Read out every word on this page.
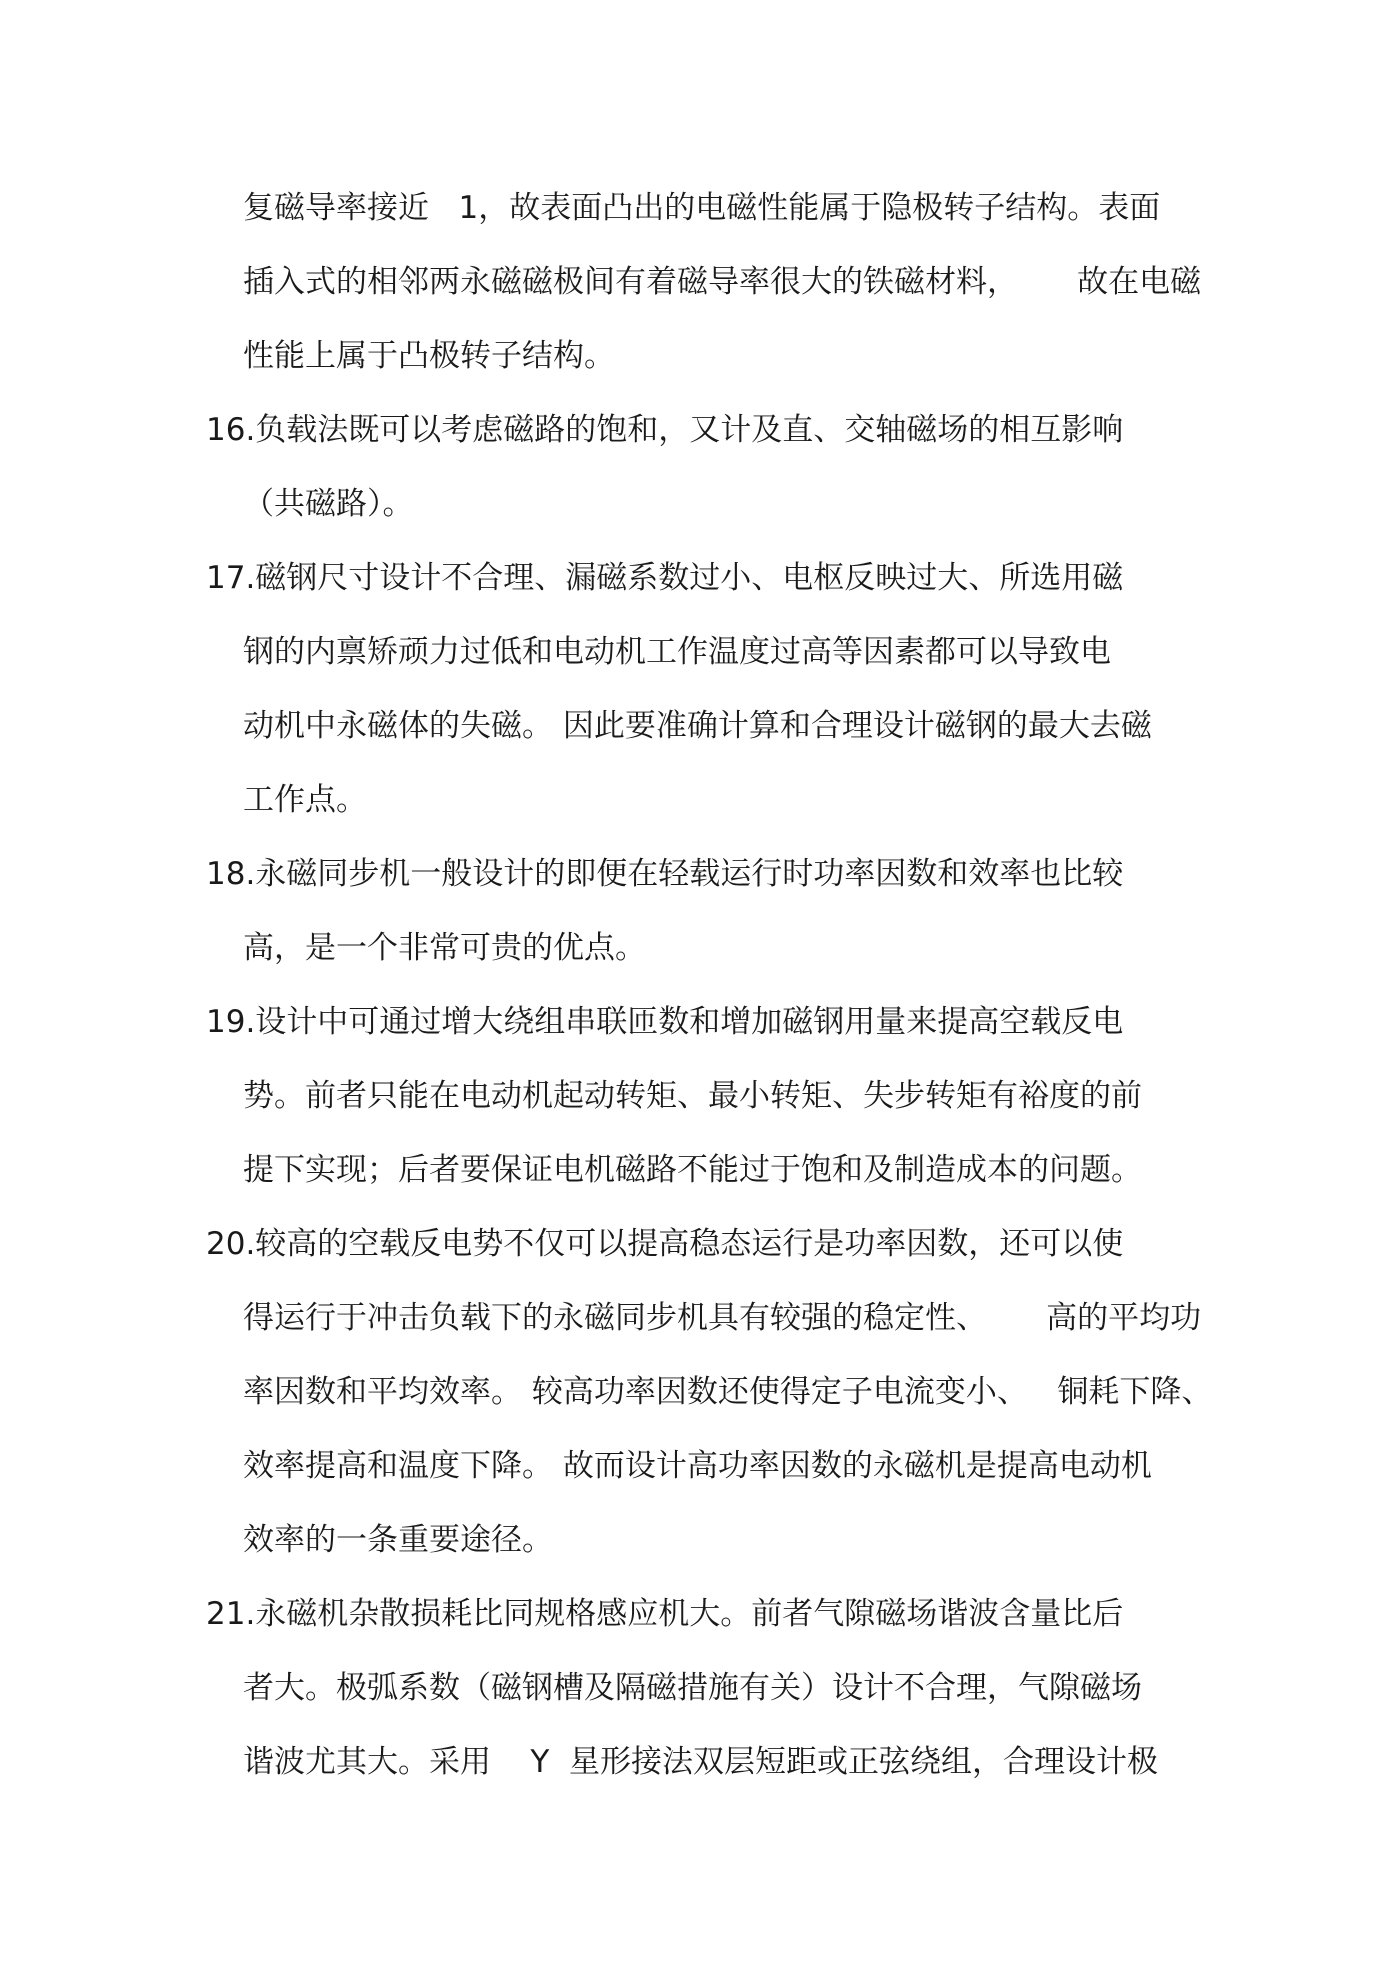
复磁导率接近   1，故表面凸出的电磁性能属于隐极转子结构。表面
插入式的相邻两永磁磁极间有着磁导率很大的铁磁材料，      故在电磁
性能上属于凸极转子结构。
16.负载法既可以考虑磁路的饱和，又计及直、交轴磁场的相互影响
（共磁路）。
17.磁钢尺寸设计不合理、漏磁系数过小、电枢反映过大、所选用磁
钢的内禀矫顽力过低和电动机工作温度过高等因素都可以导致电
动机中永磁体的失磁。 因此要准确计算和合理设计磁钢的最大去磁
工作点。
18.永磁同步机一般设计的即便在轻载运行时功率因数和效率也比较
高，是一个非常可贵的优点。
19.设计中可通过增大绕组串联匝数和增加磁钢用量来提高空载反电
势。前者只能在电动机起动转矩、最小转矩、失步转矩有裕度的前
提下实现；后者要保证电机磁路不能过于饱和及制造成本的问题。
20.较高的空载反电势不仅可以提高稳态运行是功率因数，还可以使
得运行于冲击负载下的永磁同步机具有较强的稳定性、      高的平均功
率因数和平均效率。 较高功率因数还使得定子电流变小、   铜耗下降、
效率提高和温度下降。 故而设计高功率因数的永磁机是提高电动机
效率的一条重要途径。
21.永磁机杂散损耗比同规格感应机大。前者气隙磁场谐波含量比后
者大。极弧系数（磁钢槽及隔磁措施有关）设计不合理，气隙磁场
谐波尤其大。采用    Y  星形接法双层短距或正弦绕组，合理设计极
